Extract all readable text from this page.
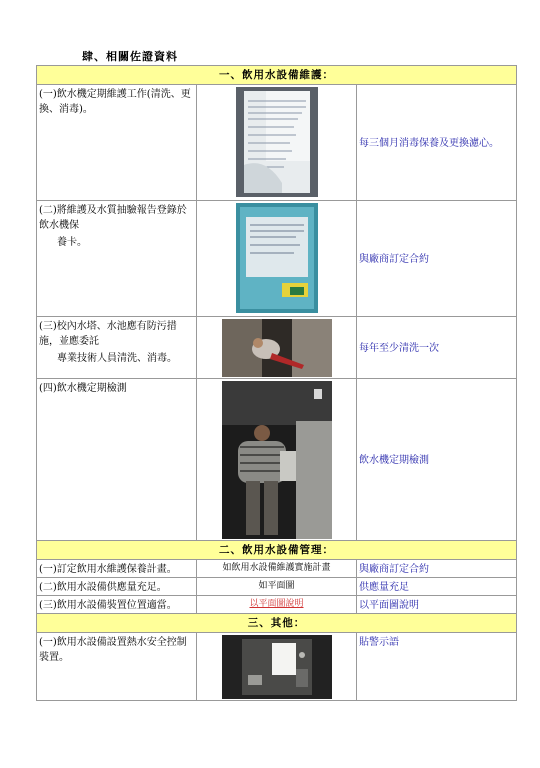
肆、相關佐證資料
一、飲用水設備維護：		

(一)飲水機定期維護工作(清洗、更換、消毒)。		每三個月消毒保養及更換濾心。

(二)將維護及水質抽驗報告登錄於飲水機保
養卡。		與廠商訂定合約

(三)校內水塔、水池應有防污措施，並應委託
專業技術人員清洗、消毒。		每年至少清洗一次

(四)飲水機定期檢測		飲水機定期檢測

二、飲用水設備管理：		

(一)訂定飲用水維護保養計畫。	如飲用水設備維護實施計畫	與廠商訂定合約

(二)飲用水設備供應量充足。	如平面圖	供應量充足

(三)飲用水設備裝置位置適當。	以平面圖說明	以平面圖說明

三、其他：		

(一)飲用水設備設置熱水安全控制裝置。		貼警示語
